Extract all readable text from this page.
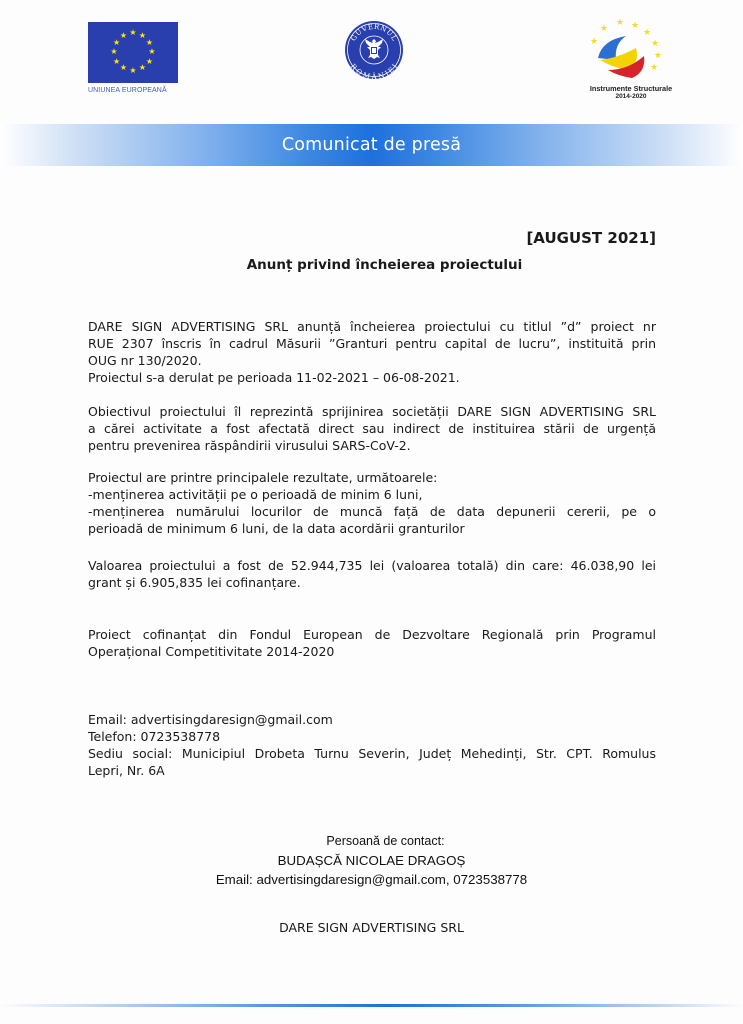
★ ★
★
★
★
★
★
★
★
★
★
★
UNIUNEA EUROPEANĂ
GUVERNUL
ROMÂNIEI
★
★ ★
★
★
★
★
★
Instrumente Structurale
2014-2020
Comunicat de presă
[AUGUST 2021]
Anunț privind încheierea proiectului
DARE SIGN ADVERTISING SRL anunță încheierea proiectului cu titlul ”d” proiect nr
RUE 2307 înscris în cadrul Măsurii ”Granturi pentru capital de lucru”, instituită prin
OUG nr 130/2020.
Proiectul s-a derulat pe perioada 11-02-2021 – 06-08-2021.
Obiectivul proiectului îl reprezintă sprijinirea societății DARE SIGN ADVERTISING SRL
a cărei activitate a fost afectată direct sau indirect de instituirea stării de urgență
pentru prevenirea răspândirii virusului SARS-CoV-2.
Proiectul are printre principalele rezultate, următoarele:
-menținerea activității pe o perioadă de minim 6 luni,
-menținerea numărului locurilor de muncă față de data depunerii cererii, pe o
perioadă de minimum 6 luni, de la data acordării granturilor
Valoarea proiectului a fost de 52.944,735 lei (valoarea totală) din care: 46.038,90 lei
grant și 6.905,835 lei cofinanțare.
Proiect cofinanțat din Fondul European de Dezvoltare Regională prin Programul
Operațional Competitivitate 2014-2020
Email: advertisingdaresign@gmail.com
Telefon: 0723538778
Sediu social: Municipiul Drobeta Turnu Severin, Județ Mehedinți, Str. CPT. Romulus
Lepri, Nr. 6A
Persoană de contact:
BUDAȘCĂ NICOLAE DRAGOȘ
Email: advertisingdaresign@gmail.com, 0723538778
DARE SIGN ADVERTISING SRL
